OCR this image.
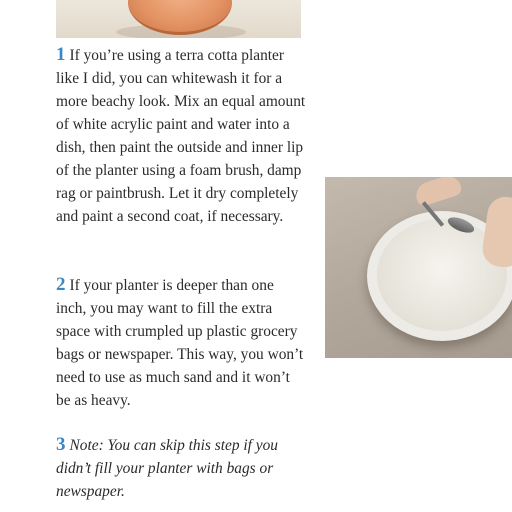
1 If you’re using a terra cotta planter like I did, you can whitewash it for a more beachy look. Mix an equal amount of white acrylic paint and water into a dish, then paint the outside and inner lip of the planter using a foam brush, damp rag or paintbrush. Let it dry completely and paint a second coat, if necessary.

2 If your planter is deeper than one inch, you may want to fill the extra space with crumpled up plastic grocery bags or newspaper. This way, you won’t need to use as much sand and it won’t be as heavy.

3 Note: You can skip this step if you didn’t fill your planter with bags or newspaper.
